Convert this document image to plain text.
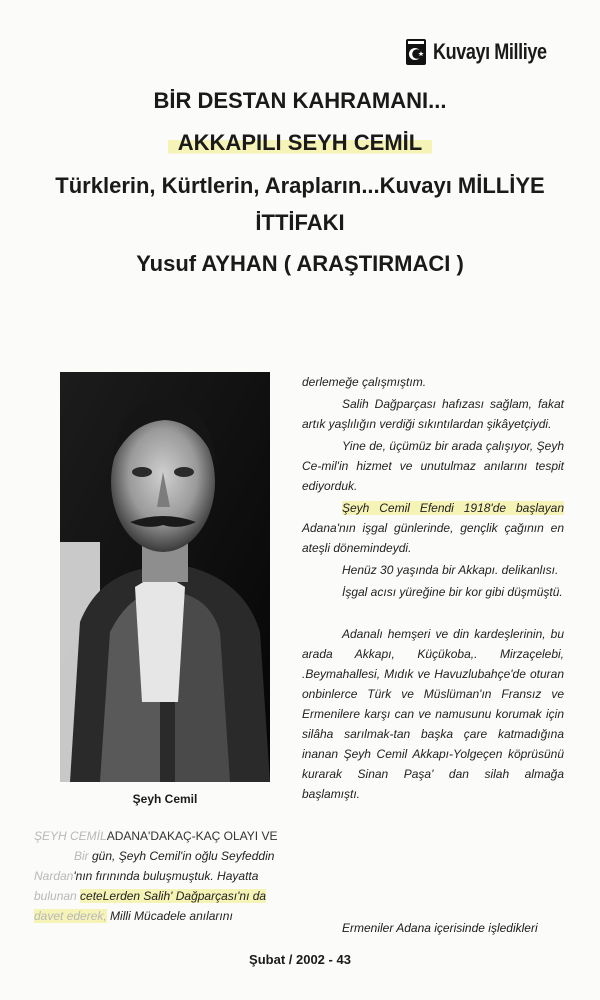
Kuvayı Milliye
BİR DESTAN KAHRAMANI...
AKKAPILI SEYH CEMİL
Türklerin, Kürtlerin, Arapların...Kuvayı MİLLİYE
İTTİFAKI
Yusuf AYHAN ( ARAŞTIRMACI )
Şeyh Cemil

derlemeğe çalışmıştım.

Salih Dağparçası hafızası sağlam, fakat artık yaşlılığın verdiği sıkıntılardan şikâyetçiydi.

Yine de, üçümüz bir arada çalışıyor, Şeyh Ce-mil'in hizmet ve unutulmaz anılarını tespit ediyorduk.

Şeyh Cemil Efendi 1918'de başlayan Adana'nın işgal günlerinde, gençlik çağının en ateşli dönemindeydi.

Henüz 30 yaşında bir Akkapı. delikanlısı.

İşgal acısı yüreğine bir kor gibi düşmüştü.

Adanalı hemşeri ve din kardeşlerinin, bu arada Akkapı, Küçükoba,. Mirzaçelebi, .Beymahallesi, Mıdık ve Havuzlubahçe'de oturan onbinlerce Türk ve Müslüman'ın Fransız ve Ermenilere karşı can ve namusunu korumak için silâha sarılmak-tan başka çare katmadığına inanan Şeyh Cemil Akkapı-Yolgeçen köprüsünü kurarak Sinan Paşa' dan silah almağa başlamıştı.

Ermeniler Adana içerisinde işledikleri

ŞEYH CEMİLADANA'DAKAÇ-KAÇ OLAYI VE

Bir gün, Şeyh Cemil'in oğlu Seyfeddin

Nardan'nın fırınında buluşmuştuk. Hayatta

bulunan ceteLerden Salih' Dağparçası'nı da

davet ederek, Milli Mücadele anılarını

Şubat / 2002 - 43
